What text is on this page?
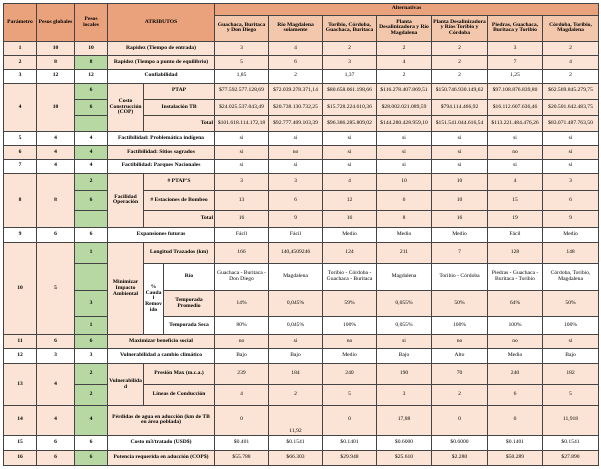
Parámetro	Pesos globales	Pesos locales	ATRIBUTOS			Alternativas						
						Guachaca, Buritaca y Don Diego	Río Magdalena solamente	Toribio, Córdoba, Guachaca, Buritaca	Planta Desalinizadora y Río Magdalena	Planta Desalinizadora y Ríos Toribio y Córdoba	Piedras, Guachaca, Buritaca y Toribio	Córdoba, Toribio, Magdalena
1	10	10	Rapidez (Tiempo de entrada)			3	4	2	2	2	3	2
2	8	8	Rapidez (Tiempo a punto de equilibrio)			5	6	3	4	2	7	4
3	12	12	Confiabilidad			1,85	2	1,37	2	2	1,25	2
4	10	6	Costo Construcción (COP)	PTAP		$77.592.577.128,69	$72.039.278.371,14	$80.658.061.198,66	$116.278.407.869,51	$150.746.930.149,62	$97.108.876.839,80	$62.569.845.279,75
		6		Instalación TB		$24.025.537.043,49	$20.738.130.732,25	$15.728.224.610,36	$28.002.021.089,59	$794.114.466,92	$16.112.607.636,46	$20.501.642.483,75
				Total		$101.618.114.172,18	$92.777.409.103,39	$96.386.285.809,02	$144.280.428.959,10	$151.541.044.616,54	$113.221.484.476,26	$83.071.487.763,50
5	4	4	Factibilidad: Problemática indígena			si	si	si	si	si	si	si
6	4	4	Factibilidad: Sitios sagrados			si	no	si	si	si	no	si
7	4	4	Factibilidad: Parques Nacionales			si	si	si	si	si	si	si
8	8	2	Facilidad Operación	# PTAP'S		3	3	4	10	10	4	3
		6		# Estaciones de Bombeo		13	6	12	6	10	15	6
				Total		16	9	16	8	16	19	9
9	6	6	Expansiones futuras			Fácil	Fácil	Medio	Medio	Medio	Fácil	Medio
10	5	1	Minimizar Impacto Ambiental	Longitud Trazados (km)		166	140,4509246	124	211	7	128	148
				% Caudal Removido	Río	Guachaca - Buritaca - Don Diego	Magdalena	Toribio - Córdoba - Guachaca - Buritaca	Magdalena	Toribio - Córdoba	Piedras - Guachaca - Buritaca - Toribio	Córdoba, Toribio, Magdalena
		3			Temporada Promedio	14%	0,045%	59%	0,055%	50%	64%	50%
		1			Temporada Seca	80%	0,045%	100%	0,055%	100%	100%	100%
11	6	6	Maximizar beneficio social			no	si	no	si	no	no	si
12	3	3	Vulnerabilidad a cambio climático			Bajo	Bajo	Medio	Bajo	Alto	Medio	Bajo
13	4	2	Vulnerabilidad	Presión Max (m.c.a.)		239	184	240	190	70	240	182
		2		Líneas de Conducción		4	2	5	3	2	6	5
14	4	4	Pérdidas de agua en aducción (km de TB en área poblada)			0	11,92	0	17,88	0	0	11,918
15	6	6	Costo m3/tratado (USD$)			$0.401	$0.1541	$0.1401	$0.6000	$0.6000	$0.1401	$0.1541
16	6	6	Potencia requerida en aducción (COP$)			$55.788	$66.303	$29.948	$25.610	$2.280	$50.289	$27.890
